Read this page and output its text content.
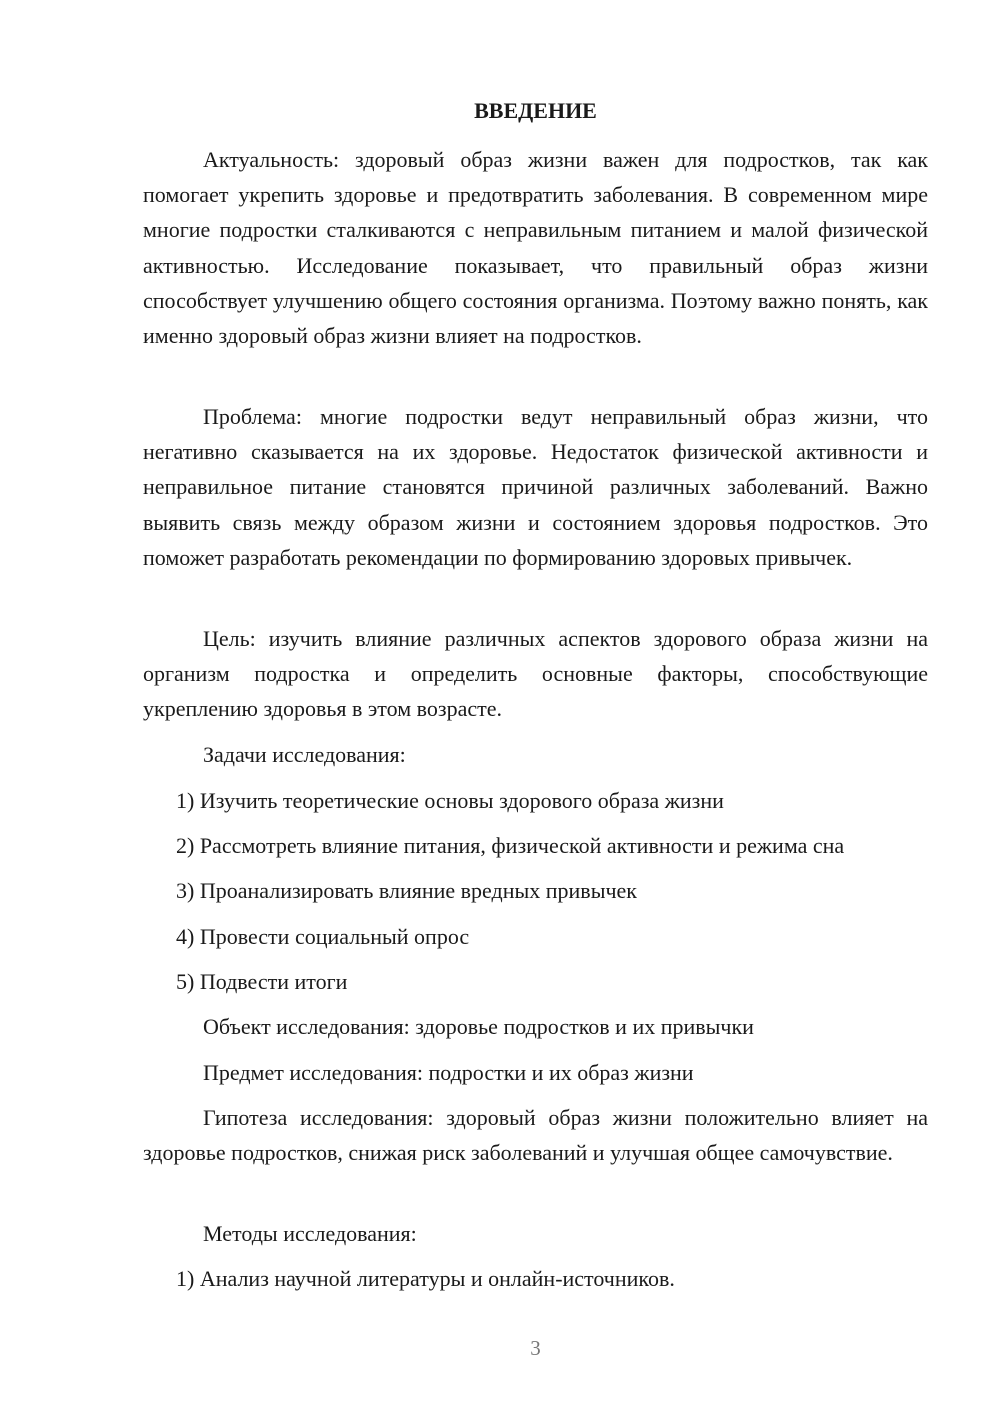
ВВЕДЕНИЕ

Актуальность: здоровый образ жизни важен для подростков, так как помогает укрепить здоровье и предотвратить заболевания. В современном мире многие подростки сталкиваются с неправильным питанием и малой физической активностью. Исследование показывает, что правильный образ жизни способствует улучшению общего состояния организма. Поэтому важно понять, как именно здоровый образ жизни влияет на подростков.

Проблема: многие подростки ведут неправильный образ жизни, что негативно сказывается на их здоровье. Недостаток физической активности и неправильное питание становятся причиной различных заболеваний. Важно выявить связь между образом жизни и состоянием здоровья подростков. Это поможет разработать рекомендации по формированию здоровых привычек.

Цель: изучить влияние различных аспектов здорового образа жизни на организм подростка и определить основные факторы, способствующие укреплению здоровья в этом возрасте.

Задачи исследования:

1) Изучить теоретические основы здорового образа жизни

2) Рассмотреть влияние питания, физической активности и режима сна

3) Проанализировать влияние вредных привычек

4) Провести социальный опрос

5) Подвести итоги

Объект исследования: здоровье подростков и их привычки

Предмет исследования: подростки и их образ жизни

Гипотеза исследования: здоровый образ жизни положительно влияет на здоровье подростков, снижая риск заболеваний и улучшая общее самочувствие.

Методы исследования:

1) Анализ научной литературы и онлайн-источников.

3
